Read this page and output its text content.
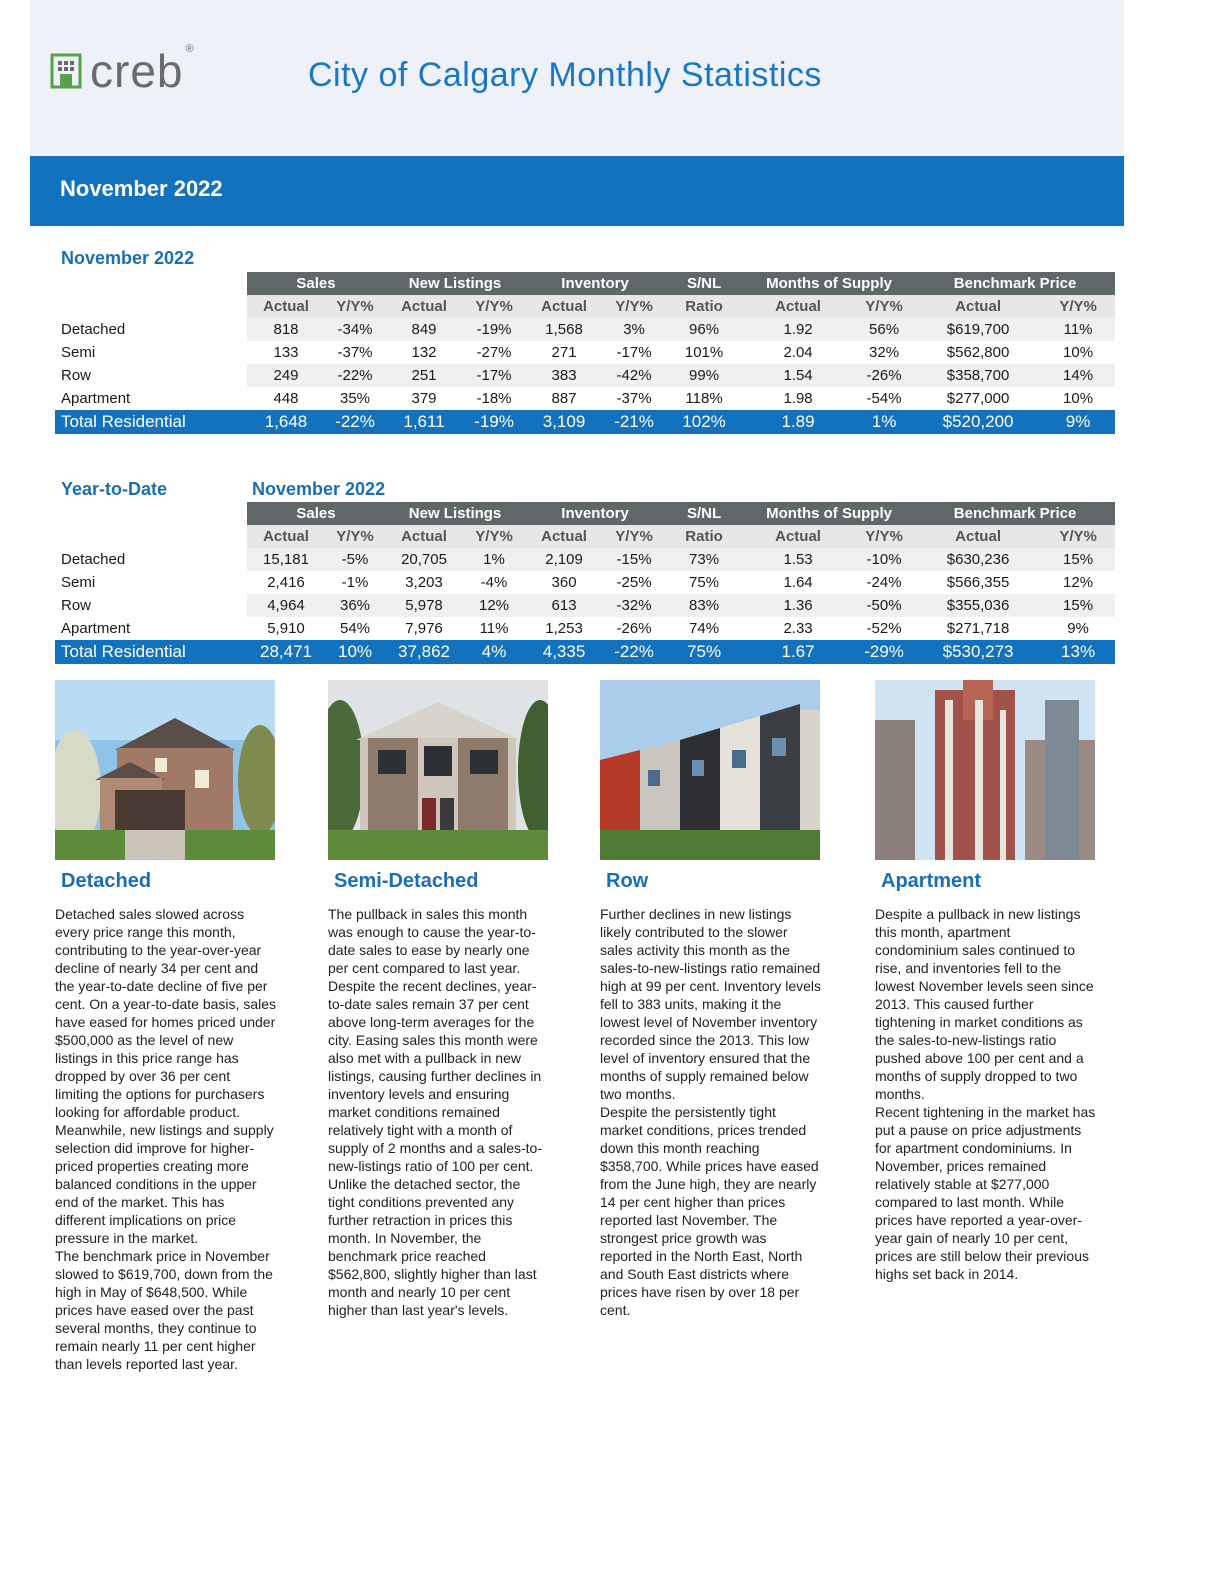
creb ®
City of Calgary Monthly Statistics
November 2022
November 2022
	Sales		New Listings		Inventory		S/NL	Months of Supply		Benchmark Price	
	Actual	Y/Y%	Actual	Y/Y%	Actual	Y/Y%	Ratio	Actual	Y/Y%	Actual	Y/Y%
Detached	818	-34%	849	-19%	1,568	3%	96%	1.92	56%	$619,700	11%
Semi	133	-37%	132	-27%	271	-17%	101%	2.04	32%	$562,800	10%
Row	249	-22%	251	-17%	383	-42%	99%	1.54	-26%	$358,700	14%
Apartment	448	35%	379	-18%	887	-37%	118%	1.98	-54%	$277,000	10%
Total Residential	1,648	-22%	1,611	-19%	3,109	-21%	102%	1.89	1%	$520,200	9%
Year-to-Date	November 2022
	Sales		New Listings		Inventory		S/NL	Months of Supply		Benchmark Price	
	Actual	Y/Y%	Actual	Y/Y%	Actual	Y/Y%	Ratio	Actual	Y/Y%	Actual	Y/Y%
Detached	15,181	-5%	20,705	1%	2,109	-15%	73%	1.53	-10%	$630,236	15%
Semi	2,416	-1%	3,203	-4%	360	-25%	75%	1.64	-24%	$566,355	12%
Row	4,964	36%	5,978	12%	613	-32%	83%	1.36	-50%	$355,036	15%
Apartment	5,910	54%	7,976	11%	1,253	-26%	74%	2.33	-52%	$271,718	9%
Total Residential	28,471	10%	37,862	4%	4,335	-22%	75%	1.67	-29%	$530,273	13%
Detached

Detached sales slowed across every price range this month, contributing to the year-over-year decline of nearly 34 per cent and the year-to-date decline of five per cent. On a year-to-date basis, sales have eased for homes priced under $500,000 as the level of new listings in this price range has dropped by over 36 per cent limiting the options for purchasers looking for affordable product.
Meanwhile, new listings and supply selection did improve for higher-priced properties creating more balanced conditions in the upper end of the market. This has different implications on price pressure in the market.
The benchmark price in November slowed to $619,700, down from the high in May of $648,500. While prices have eased over the past several months, they continue to remain nearly 11 per cent higher than levels reported last year.

Semi-Detached

The pullback in sales this month was enough to cause the year-to-date sales to ease by nearly one per cent compared to last year. Despite the recent declines, year-to-date sales remain 37 per cent above long-term averages for the city. Easing sales this month were also met with a pullback in new listings, causing further declines in inventory levels and ensuring market conditions remained relatively tight with a month of supply of 2 months and a sales-to-new-listings ratio of 100 per cent.
Unlike the detached sector, the tight conditions prevented any further retraction in prices this month. In November, the benchmark price reached $562,800, slightly higher than last month and nearly 10 per cent higher than last year's levels.

Row

Further declines in new listings likely contributed to the slower sales activity this month as the sales-to-new-listings ratio remained high at 99 per cent. Inventory levels fell to 383 units, making it the lowest level of November inventory recorded since the 2013. This low level of inventory ensured that the months of supply remained below two months.
Despite the persistently tight market conditions, prices trended down this month reaching $358,700. While prices have eased from the June high, they are nearly 14 per cent higher than prices reported last November. The strongest price growth was reported in the North East, North and South East districts where prices have risen by over 18 per cent.

Apartment

Despite a pullback in new listings this month, apartment condominium sales continued to rise, and inventories fell to the lowest November levels seen since 2013. This caused further tightening in market conditions as the sales-to-new-listings ratio pushed above 100 per cent and a months of supply dropped to two months.
Recent tightening in the market has put a pause on price adjustments for apartment condominiums. In November, prices remained relatively stable at $277,000 compared to last month. While prices have reported a year-over-year gain of nearly 10 per cent, prices are still below their previous highs set back in 2014.
